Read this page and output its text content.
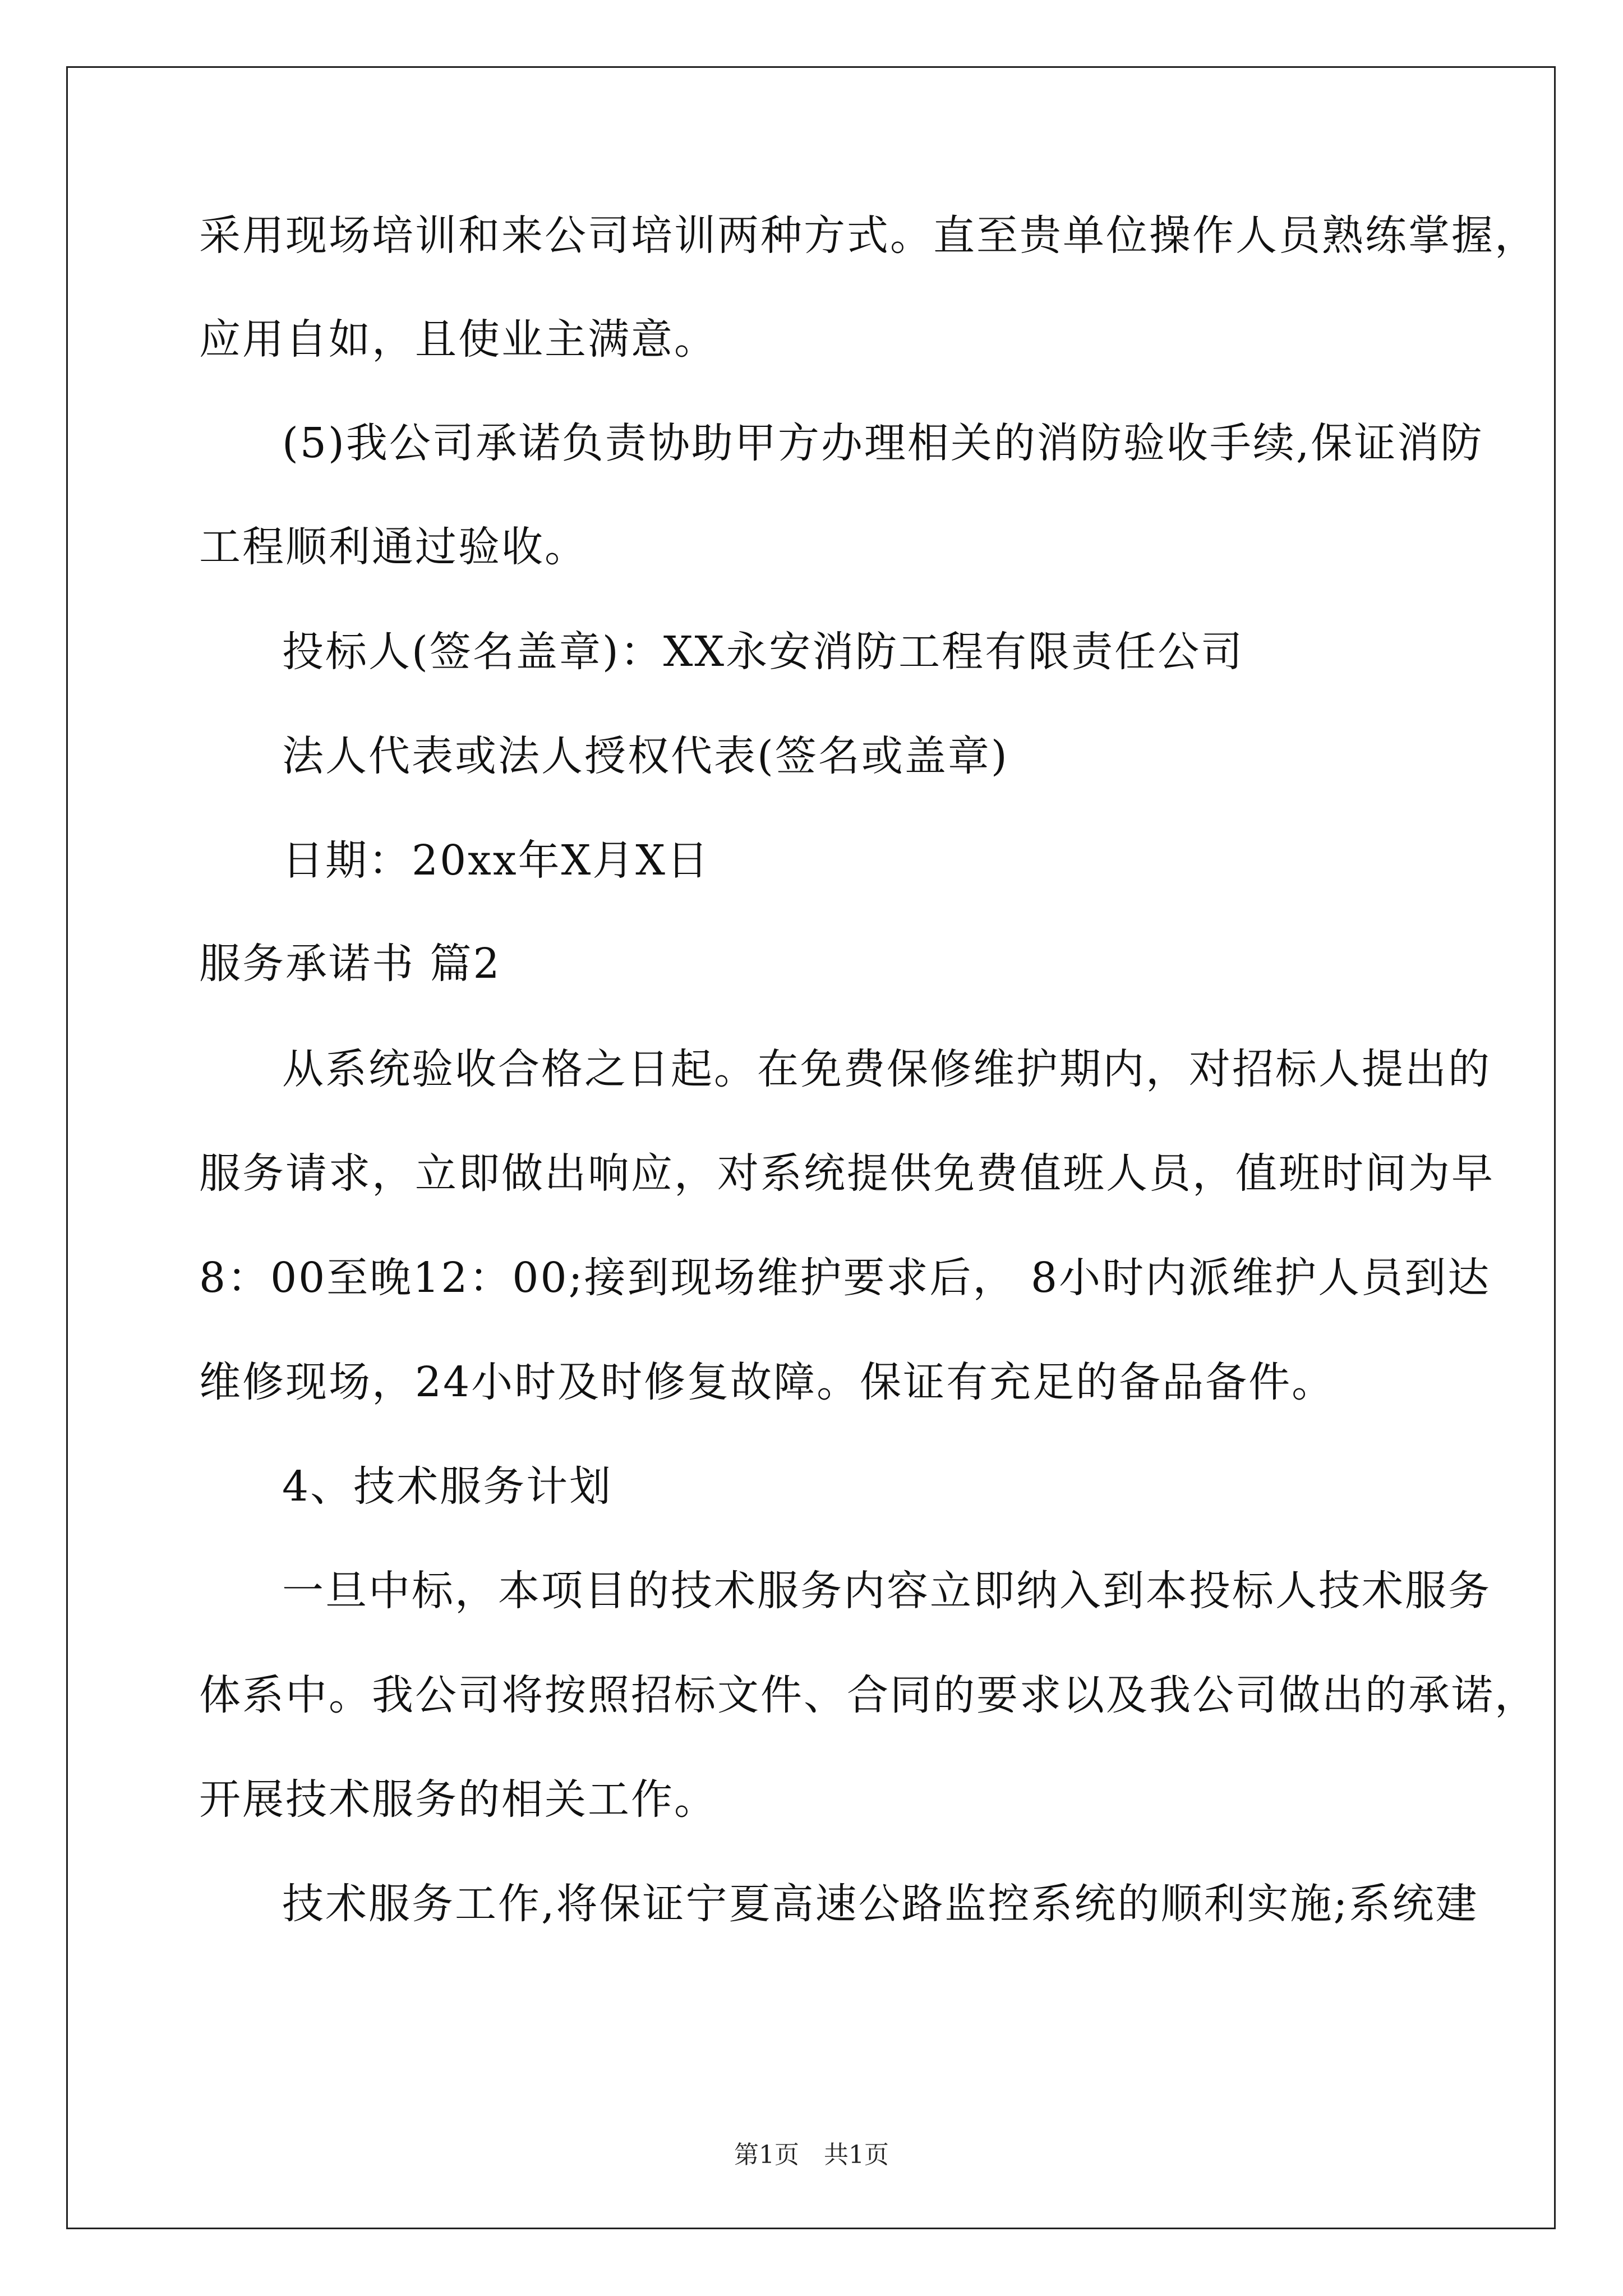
采用现场培训和来公司培训两种方式。直至贵单位操作人员熟练掌握，
应用自如，且使业主满意。
(5)我公司承诺负责协助甲方办理相关的消防验收手续,保证消防
工程顺利通过验收。
投标人(签名盖章)：XX永安消防工程有限责任公司
法人代表或法人授权代表(签名或盖章)
日期：20xx年X月X日
服务承诺书 篇2
从系统验收合格之日起。在免费保修维护期内，对招标人提出的
服务请求，立即做出响应，对系统提供免费值班人员，值班时间为早
8：00至晚12：00;接到现场维护要求后， 8小时内派维护人员到达
维修现场，24小时及时修复故障。保证有充足的备品备件。
4、技术服务计划
一旦中标，本项目的技术服务内容立即纳入到本投标人技术服务
体系中。我公司将按照招标文件、合同的要求以及我公司做出的承诺，
开展技术服务的相关工作。
技术服务工作,将保证宁夏高速公路监控系统的顺利实施;系统建
第1页　共1页
